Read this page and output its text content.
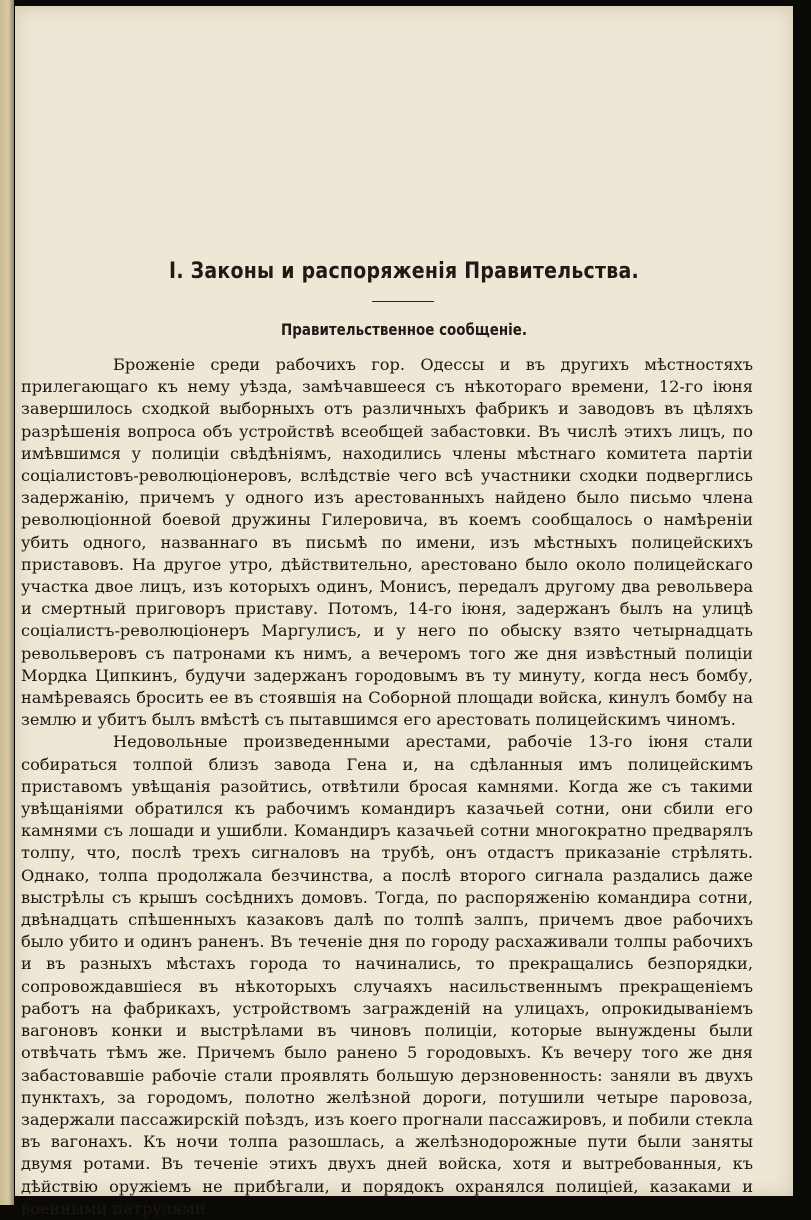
I. Законы и распоряженія Правительства.
Правительственное сообщеніе.

Броженіе среди рабочихъ гор. Одессы и въ другихъ мѣстностяхъ прилегающаго къ нему уѣзда, замѣчавшееся съ нѣкотораго времени, 12-го іюня завершилось сходкой выборныхъ отъ различныхъ фабрикъ и заводовъ въ цѣляхъ разрѣшенія вопроса объ устройствѣ всеобщей забастовки. Въ числѣ этихъ лицъ, по имѣвшимся у полиціи свѣдѣніямъ, находились члены мѣстнаго комитета партіи соціалистовъ-революціонеровъ, вслѣдствіе чего всѣ участники сходки подверглись задержанію, причемъ у одного изъ арестованныхъ найдено было письмо члена революціонной боевой дружины Гилеровича, въ коемъ сообщалось о намѣреніи убить одного, названнаго въ письмѣ по имени, изъ мѣстныхъ полицейскихъ приставовъ. На другое утро, дѣйствительно, арестовано было около полицейскаго участка двое лицъ, изъ которыхъ одинъ, Монисъ, передалъ другому два револьвера и смертный приговоръ приставу. Потомъ, 14-го іюня, задержанъ былъ на улицѣ соціалистъ-революціонеръ Маргулисъ, и у него по обыску взято четырнадцать револьверовъ съ патронами къ нимъ, а вечеромъ того же дня извѣстный полиціи Мордка Ципкинъ, будучи задержанъ городовымъ въ ту минуту, когда несъ бомбу, намѣреваясь бросить ее въ стоявшія на Соборной площади войска, кинулъ бомбу на землю и убитъ былъ вмѣстѣ съ пытавшимся его арестовать полицейскимъ чиномъ.

Недовольные произведенными арестами, рабочіе 13-го іюня стали собираться толпой близъ завода Гена и, на сдѣланныя имъ полицейскимъ приставомъ увѣщанія разойтись, отвѣтили бросая камнями. Когда же съ такими увѣщаніями обратился къ рабочимъ командиръ казачьей сотни, они сбили его камнями съ лошади и ушибли. Командиръ казачьей сотни многократно предварялъ толпу, что, послѣ трехъ сигналовъ на трубѣ, онъ отдастъ приказаніе стрѣлять. Однако, толпа продолжала безчинства, а послѣ второго сигнала раздались даже выстрѣлы съ крышъ сосѣднихъ домовъ. Тогда, по распоряженію командира сотни, двѣнадцать спѣшенныхъ казаковъ далѣ по толпѣ залпъ, причемъ двое рабочихъ было убито и одинъ раненъ. Въ теченіе дня по городу расхаживали толпы рабочихъ и въ разныхъ мѣстахъ города то начинались, то прекращались безпорядки, сопровождавшіеся въ нѣкоторыхъ случаяхъ насильственнымъ прекращеніемъ работъ на фабрикахъ, устройствомъ загражденій на улицахъ, опрокидываніемъ вагоновъ конки и выстрѣлами въ чиновъ полиціи, которые вынуждены были отвѣчать тѣмъ же. Причемъ было ранено 5 городовыхъ. Къ вечеру того же дня забастовавшіе рабочіе стали проявлять большую дерзновенность: заняли въ двухъ пунктахъ, за городомъ, полотно желѣзной дороги, потушили четыре паровоза, задержали пассажирскій поѣздъ, изъ коего прогнали пассажировъ, и побили стекла въ вагонахъ. Къ ночи толпа разошлась, а желѣзнодорожные пути были заняты двумя ротами. Въ теченіе этихъ двухъ дней войска, хотя и вытребованныя, къ дѣйствію оружіемъ не прибѣгали, и порядокъ охранялся полиціей, казаками и военными патрулями.
